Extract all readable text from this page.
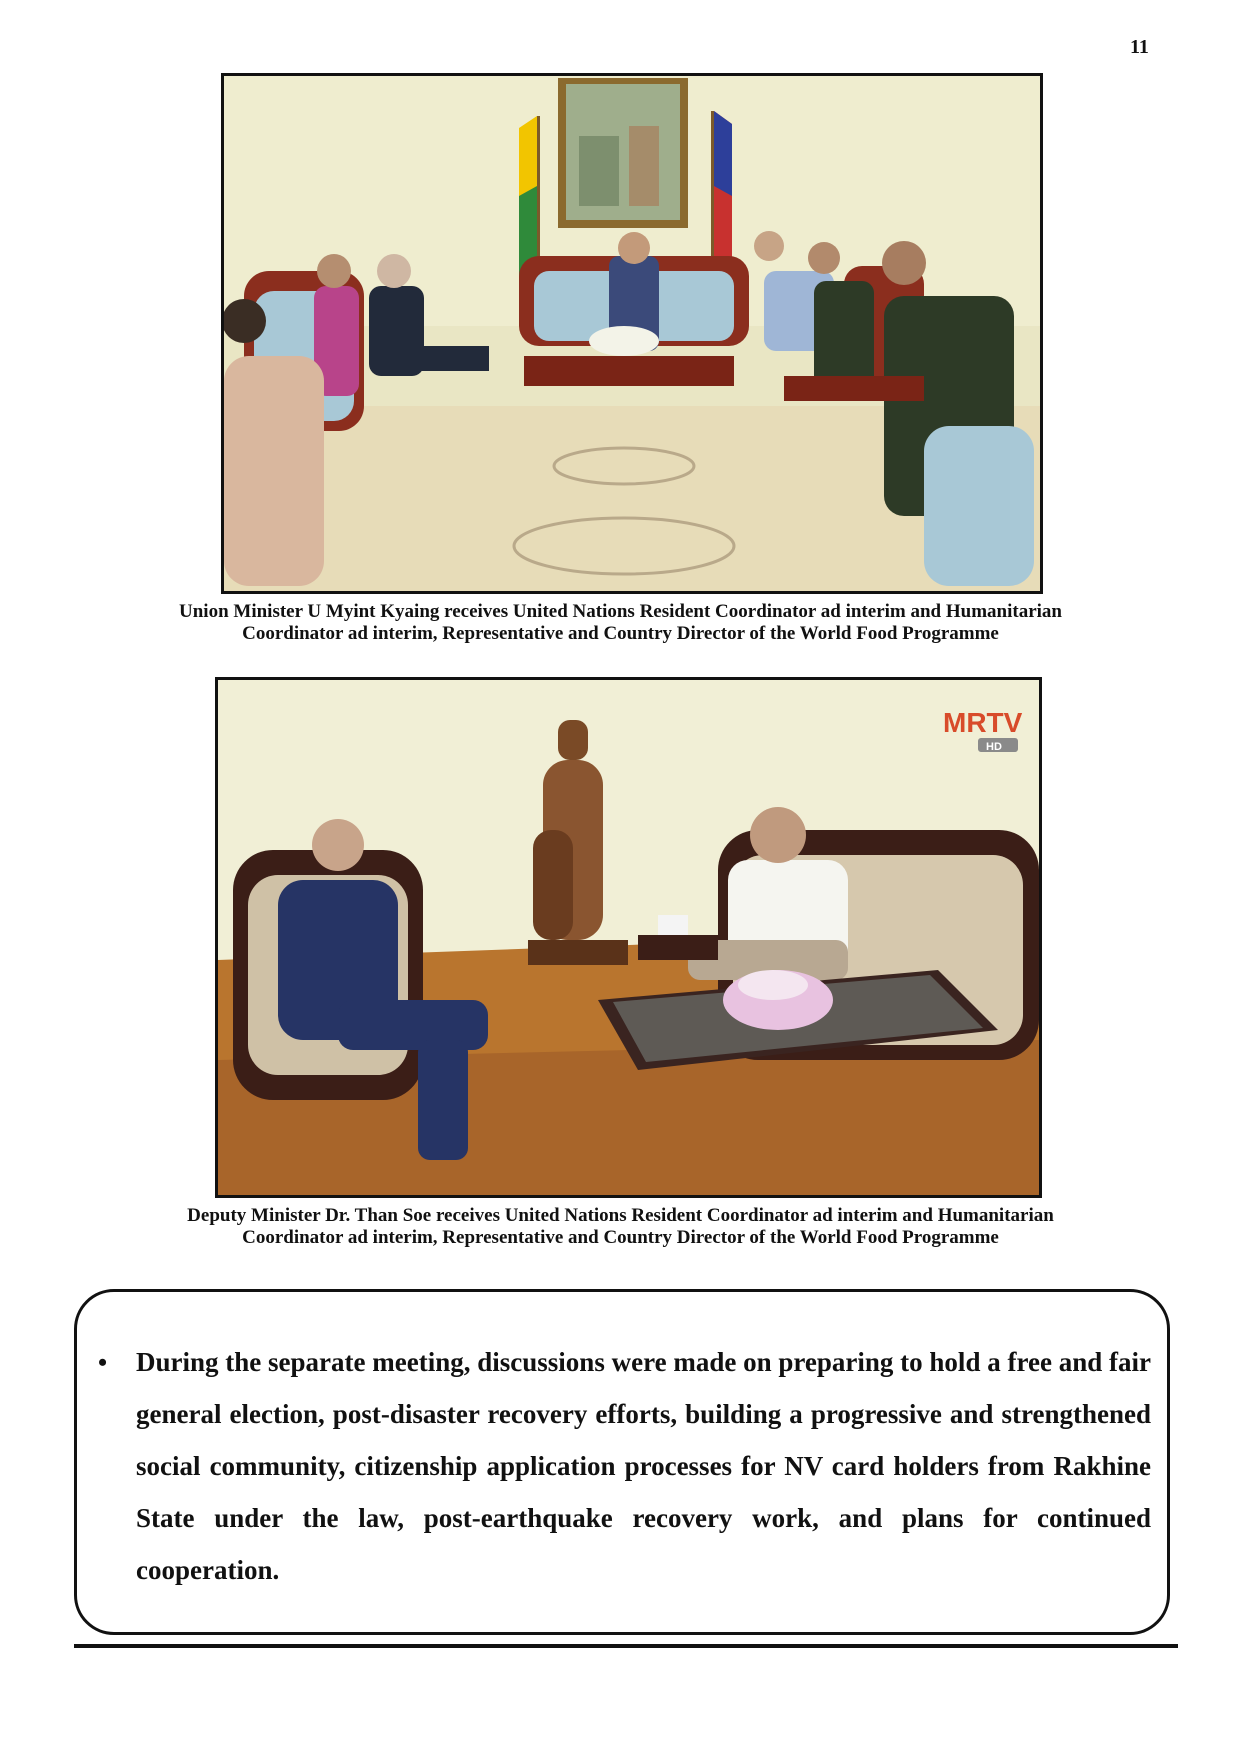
11
Union Minister U Myint Kyaing receives United Nations Resident Coordinator ad interim and Humanitarian
Coordinator ad interim, Representative and Country Director of the World Food Programme
MRTV
HD
Deputy Minister Dr. Than Soe receives United Nations Resident Coordinator ad interim and Humanitarian
Coordinator ad interim, Representative and Country Director of the World Food Programme
• During the separate meeting, discussions were made on preparing to hold a free and fair general election, post-disaster recovery efforts, building a progressive and strengthened social community, citizenship application processes for NV card holders from Rakhine State under the law, post-earthquake recovery work, and plans for continued cooperation.
